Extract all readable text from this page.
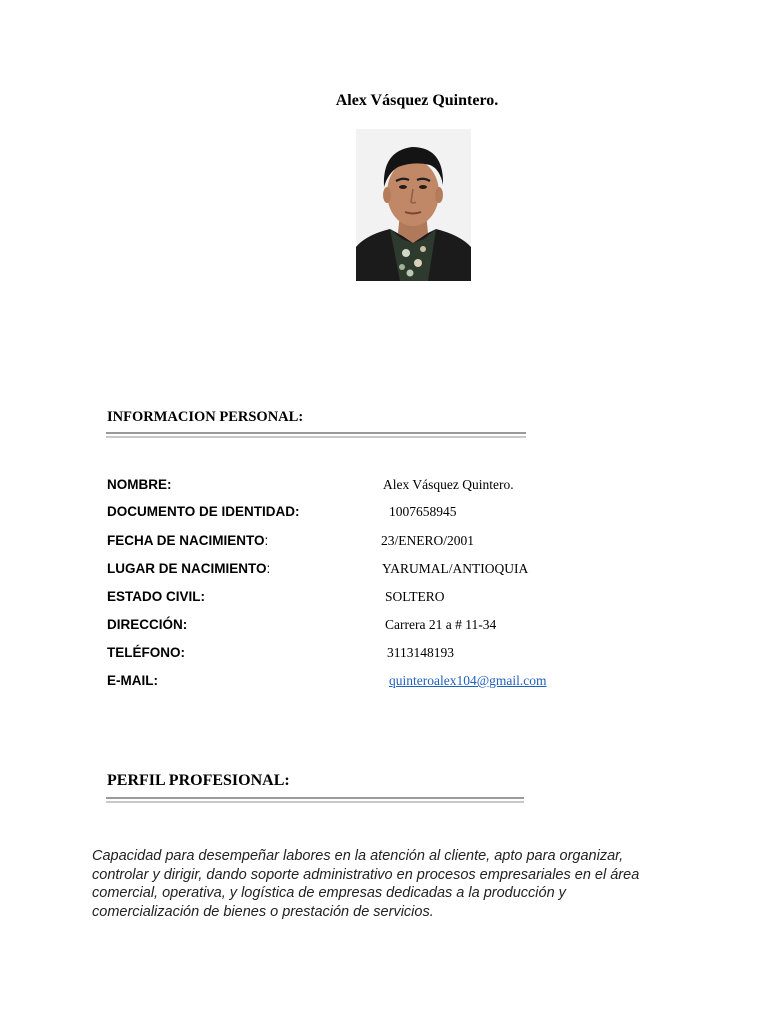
Alex Vásquez Quintero.
INFORMACION PERSONAL:
NOMBRE:	Alex Vásquez Quintero.
DOCUMENTO DE IDENTIDAD:	1007658945
FECHA DE NACIMIENTO:	23/ENERO/2001
LUGAR DE NACIMIENTO:	YARUMAL/ANTIOQUIA
ESTADO CIVIL:	SOLTERO
DIRECCIÓN:	Carrera 21 a # 11-34
TELÉFONO:	3113148193
E-MAIL:	quinteroalex104@gmail.com
PERFIL PROFESIONAL:
Capacidad para desempeñar labores en la atención al cliente, apto para organizar,
controlar y dirigir, dando soporte administrativo en procesos empresariales en el área
comercial, operativa, y logística de empresas dedicadas a la producción y
comercialización de bienes o prestación de servicios.
